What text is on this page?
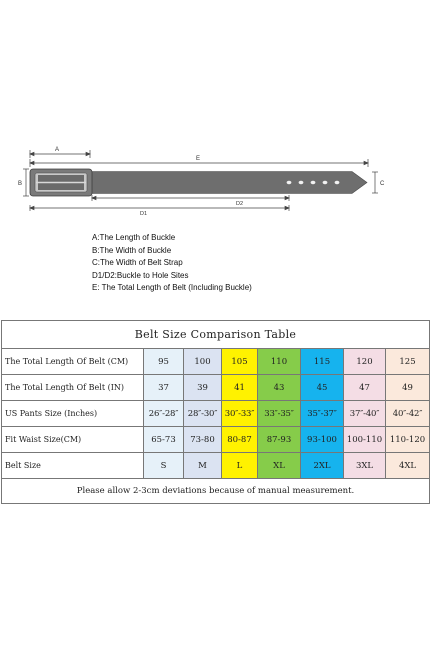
A
E
B	C
D2
D1
A:The Length of Buckle
B:The Width of Buckle
C:The Width of Belt Strap
D1/D2:Buckle to Hole Sites
E: The Total Length of Belt (Including Buckle)
Belt Size Comparison Table							
The Total Length Of Belt (CM)	95	100	105	110	115	120	125
The Total Length Of Belt (IN)	37	39	41	43	45	47	49
US Pants Size (Inches)	26″-28″	28″-30″	30″-33″	33″-35″	35″-37″	37″-40″	40″-42″
Fit Waist Size(CM)	65-73	73-80	80-87	87-93	93-100	100-110	110-120
Belt Size	S	M	L	XL	2XL	3XL	4XL
Please allow 2-3cm deviations because of manual measurement.							
